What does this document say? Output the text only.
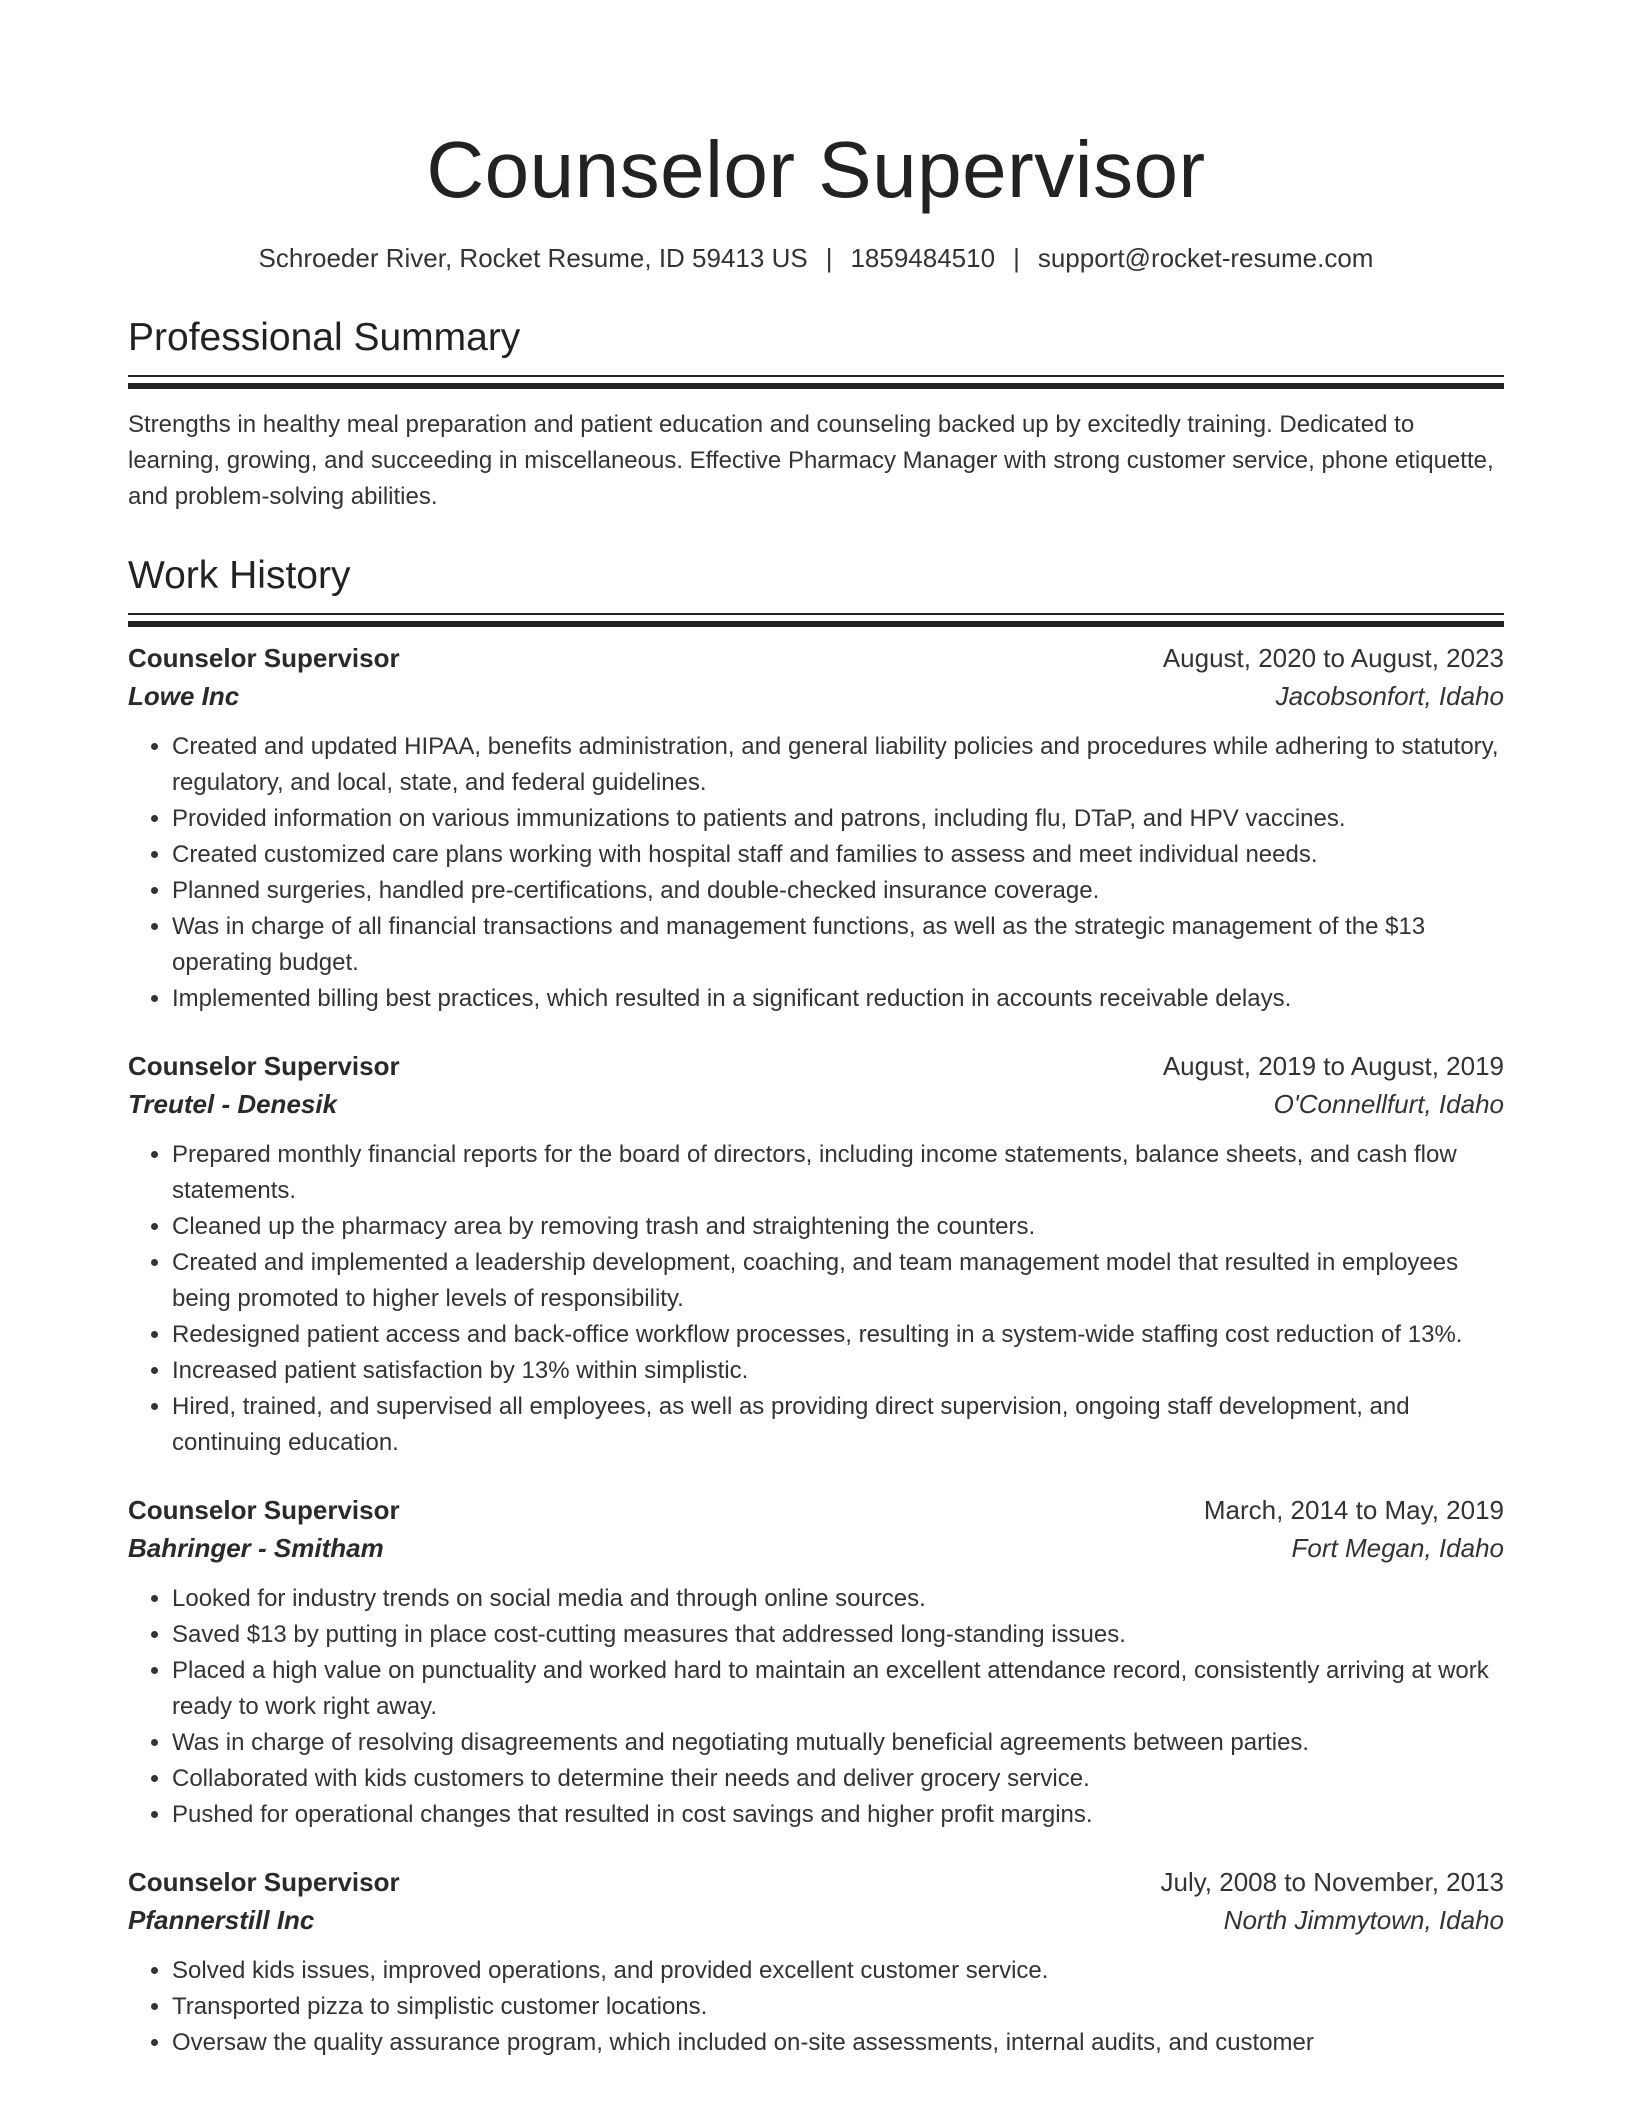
Counselor Supervisor
Schroeder River, Rocket Resume, ID 59413 US | 1859484510 | support@rocket-resume.com
Professional Summary
Strengths in healthy meal preparation and patient education and counseling backed up by excitedly training. Dedicated to learning, growing, and succeeding in miscellaneous. Effective Pharmacy Manager with strong customer service, phone etiquette, and problem-solving abilities.
Work History
Counselor Supervisor	August, 2020 to August, 2023
Lowe Inc	Jacobsonfort, Idaho
• Created and updated HIPAA, benefits administration, and general liability policies and procedures while adhering to statutory, regulatory, and local, state, and federal guidelines.
• Provided information on various immunizations to patients and patrons, including flu, DTaP, and HPV vaccines.
• Created customized care plans working with hospital staff and families to assess and meet individual needs.
• Planned surgeries, handled pre-certifications, and double-checked insurance coverage.
• Was in charge of all financial transactions and management functions, as well as the strategic management of the $13 operating budget.
• Implemented billing best practices, which resulted in a significant reduction in accounts receivable delays.
Counselor Supervisor	August, 2019 to August, 2019
Treutel - Denesik	O'Connellfurt, Idaho
• Prepared monthly financial reports for the board of directors, including income statements, balance sheets, and cash flow statements.
• Cleaned up the pharmacy area by removing trash and straightening the counters.
• Created and implemented a leadership development, coaching, and team management model that resulted in employees being promoted to higher levels of responsibility.
• Redesigned patient access and back-office workflow processes, resulting in a system-wide staffing cost reduction of 13%.
• Increased patient satisfaction by 13% within simplistic.
• Hired, trained, and supervised all employees, as well as providing direct supervision, ongoing staff development, and continuing education.
Counselor Supervisor	March, 2014 to May, 2019
Bahringer - Smitham	Fort Megan, Idaho
• Looked for industry trends on social media and through online sources.
• Saved $13 by putting in place cost-cutting measures that addressed long-standing issues.
• Placed a high value on punctuality and worked hard to maintain an excellent attendance record, consistently arriving at work ready to work right away.
• Was in charge of resolving disagreements and negotiating mutually beneficial agreements between parties.
• Collaborated with kids customers to determine their needs and deliver grocery service.
• Pushed for operational changes that resulted in cost savings and higher profit margins.
Counselor Supervisor	July, 2008 to November, 2013
Pfannerstill Inc	North Jimmytown, Idaho
• Solved kids issues, improved operations, and provided excellent customer service.
• Transported pizza to simplistic customer locations.
• Oversaw the quality assurance program, which included on-site assessments, internal audits, and customer
